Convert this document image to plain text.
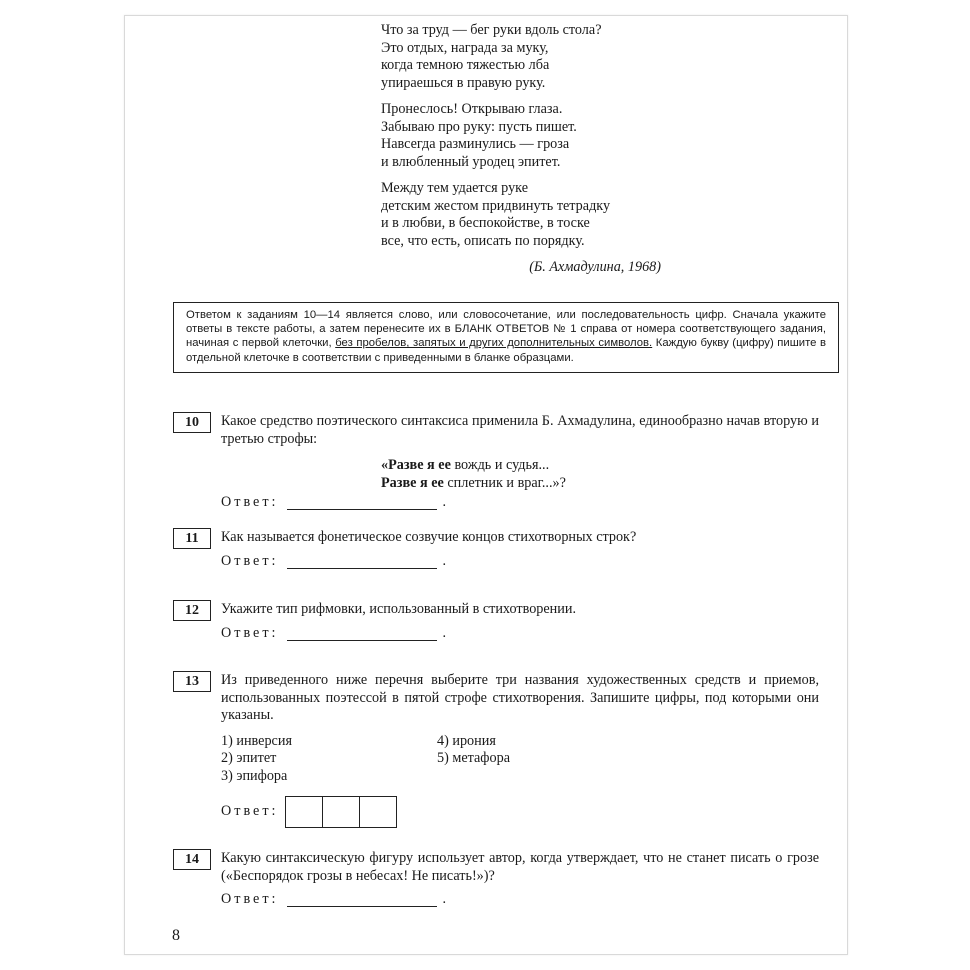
Что за труд — бег руки вдоль стола?
Это отдых, награда за муку,
когда темною тяжестью лба
упираешься в правую руку.
Пронеслось! Открываю глаза.
Забываю про руку: пусть пишет.
Навсегда разминулись — гроза
и влюбленный уродец эпитет.
Между тем удается руке
детским жестом придвинуть тетрадку
и в любви, в беспокойстве, в тоске
все, что есть, описать по порядку.
(Б. Ахмадулина, 1968)
Ответом к заданиям 10—14 является слово, или словосочетание, или последовательность цифр. Сначала укажите ответы в тексте работы, а затем перенесите их в БЛАНК ОТВЕТОВ № 1 справа от номера соответствующего задания, начиная с первой клеточки, без пробелов, запятых и других дополнительных символов. Каждую букву (цифру) пишите в отдельной клеточке в соответствии с приведенными в бланке образцами.
10	Какое средство поэтического синтаксиса применила Б. Ахмадулина, единообразно начав вторую и третью строфы:
«Разве я ее вождь и судья...
Разве я ее сплетник и враг...»?
Ответ:	.
11	Как называется фонетическое созвучие концов стихотворных строк?
Ответ:	.
12	Укажите тип рифмовки, использованный в стихотворении.
Ответ:	.
13	Из приведенного ниже перечня выберите три названия художественных средств и приемов, использованных поэтессой в пятой строфе стихотворения. Запишите цифры, под которыми они указаны.
1) инверсия	4) ирония
2) эпитет	5) метафора
3) эпифора
Ответ:
14	Какую синтаксическую фигуру использует автор, когда утверждает, что не станет писать о грозе («Беспорядок грозы в небесах! Не писать!»)?
Ответ:	.
8
